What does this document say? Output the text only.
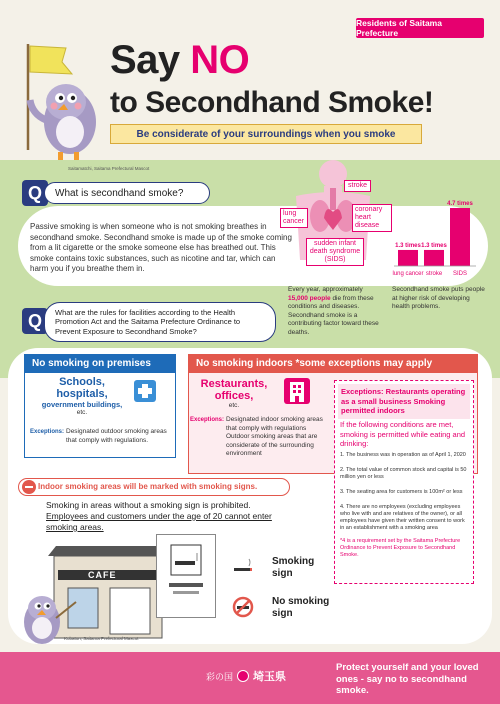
Residents of Saitama Prefecture
Say NO
to Secondhand Smoke!
Be considerate of your surroundings when you smoke
Saitamatchi, Saitama Prefectural Mascot
Q	What is secondhand smoke?
Passive smoking is when someone who is not smoking breathes in secondhand smoke. Secondhand smoke is made up of the smoke coming from a lit cigarette or the smoke someone else has breathed out. This smoke contains toxic substances, such as nicotine and tar, which can harm you if you breathe them in.
stroke
lung cancer
coronary heart disease
sudden infant death syndrome (SIDS)
1.3 times
lung cancer
1.3 times
stroke
4.7 times
SIDS
Every year, approximately 15,000 people die from these conditions and diseases. Secondhand smoke is a contributing factor toward these deaths.
Secondhand smoke puts people at higher risk of developing health problems.
Q	What are the rules for facilities according to the Health Promotion Act and the Saitama Prefecture Ordinance to Prevent Exposure to Secondhand Smoke?
No smoking on premises
Schools, hospitals,
government buildings,
etc.
Exceptions: Designated outdoor smoking areas that comply with regulations.
No smoking indoors *some exceptions may apply
Restaurants, offices,
etc.
Exceptions: Designated indoor smoking areas that comply with regulations Outdoor smoking areas that are considerate of the surrounding environment
Exceptions: Restaurants operating as a small business Smoking permitted indoors
If the following conditions are met, smoking is permitted while eating and drinking:
1. The business was in operation as of April 1, 2020
2. The total value of common stock and capital is 50 million yen or less
3. The seating area for customers is 100m² or less
4. There are no employees (excluding employees who live with and are relatives of the owner), or all employees have given their written consent to work in an establishment with a smoking area
*4 is a requirement set by the Saitama Prefecture Ordinance to Prevent Exposure to Secondhand Smoke.
Indoor smoking areas will be marked with smoking signs.
Smoking in areas without a smoking sign is prohibited.
Employees and customers under the age of 20 cannot enter smoking areas.
CAFE
Smoking sign
No smoking sign
Kobaton, Saitama Prefectural Mascot
彩の国 埼玉県
Protect yourself and your loved ones - say no to secondhand smoke.
